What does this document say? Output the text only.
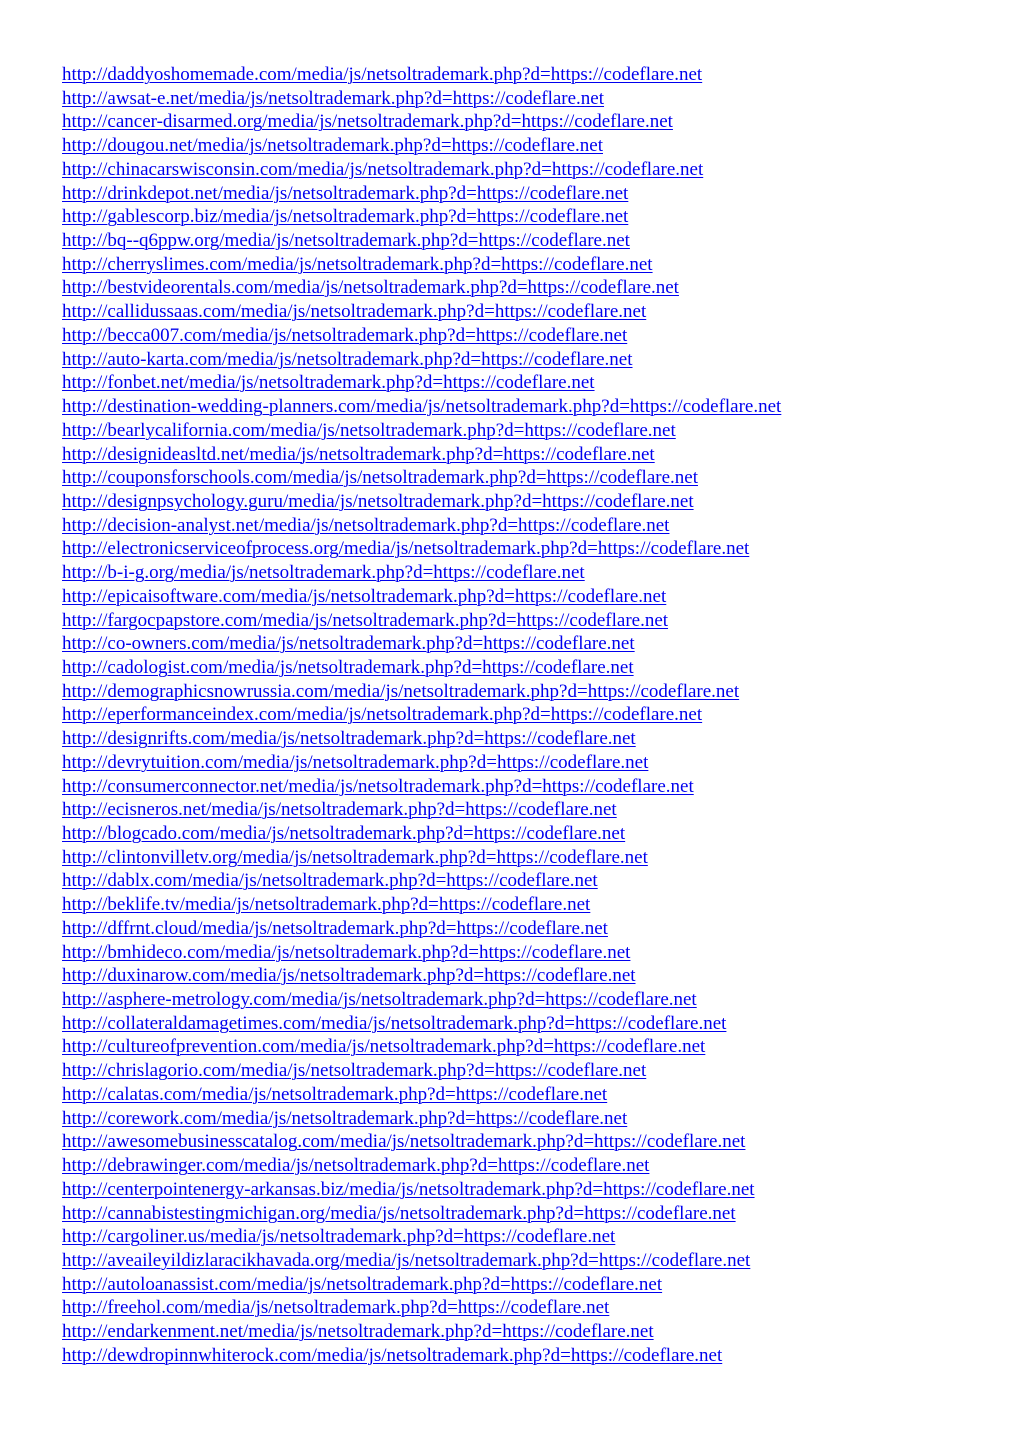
http://daddyoshomemade.com/media/js/netsoltrademark.php?d=https://codeflare.net
http://awsat-e.net/media/js/netsoltrademark.php?d=https://codeflare.net
http://cancer-disarmed.org/media/js/netsoltrademark.php?d=https://codeflare.net
http://dougou.net/media/js/netsoltrademark.php?d=https://codeflare.net
http://chinacarswisconsin.com/media/js/netsoltrademark.php?d=https://codeflare.net
http://drinkdepot.net/media/js/netsoltrademark.php?d=https://codeflare.net
http://gablescorp.biz/media/js/netsoltrademark.php?d=https://codeflare.net
http://bq--q6ppw.org/media/js/netsoltrademark.php?d=https://codeflare.net
http://cherryslimes.com/media/js/netsoltrademark.php?d=https://codeflare.net
http://bestvideorentals.com/media/js/netsoltrademark.php?d=https://codeflare.net
http://callidussaas.com/media/js/netsoltrademark.php?d=https://codeflare.net
http://becca007.com/media/js/netsoltrademark.php?d=https://codeflare.net
http://auto-karta.com/media/js/netsoltrademark.php?d=https://codeflare.net
http://fonbet.net/media/js/netsoltrademark.php?d=https://codeflare.net
http://destination-wedding-planners.com/media/js/netsoltrademark.php?d=https://codeflare.net
http://bearlycalifornia.com/media/js/netsoltrademark.php?d=https://codeflare.net
http://designideasltd.net/media/js/netsoltrademark.php?d=https://codeflare.net
http://couponsforschools.com/media/js/netsoltrademark.php?d=https://codeflare.net
http://designpsychology.guru/media/js/netsoltrademark.php?d=https://codeflare.net
http://decision-analyst.net/media/js/netsoltrademark.php?d=https://codeflare.net
http://electronicserviceofprocess.org/media/js/netsoltrademark.php?d=https://codeflare.net
http://b-i-g.org/media/js/netsoltrademark.php?d=https://codeflare.net
http://epicaisoftware.com/media/js/netsoltrademark.php?d=https://codeflare.net
http://fargocpapstore.com/media/js/netsoltrademark.php?d=https://codeflare.net
http://co-owners.com/media/js/netsoltrademark.php?d=https://codeflare.net
http://cadologist.com/media/js/netsoltrademark.php?d=https://codeflare.net
http://demographicsnowrussia.com/media/js/netsoltrademark.php?d=https://codeflare.net
http://eperformanceindex.com/media/js/netsoltrademark.php?d=https://codeflare.net
http://designrifts.com/media/js/netsoltrademark.php?d=https://codeflare.net
http://devrytuition.com/media/js/netsoltrademark.php?d=https://codeflare.net
http://consumerconnector.net/media/js/netsoltrademark.php?d=https://codeflare.net
http://ecisneros.net/media/js/netsoltrademark.php?d=https://codeflare.net
http://blogcado.com/media/js/netsoltrademark.php?d=https://codeflare.net
http://clintonvilletv.org/media/js/netsoltrademark.php?d=https://codeflare.net
http://dablx.com/media/js/netsoltrademark.php?d=https://codeflare.net
http://beklife.tv/media/js/netsoltrademark.php?d=https://codeflare.net
http://dffrnt.cloud/media/js/netsoltrademark.php?d=https://codeflare.net
http://bmhideco.com/media/js/netsoltrademark.php?d=https://codeflare.net
http://duxinarow.com/media/js/netsoltrademark.php?d=https://codeflare.net
http://asphere-metrology.com/media/js/netsoltrademark.php?d=https://codeflare.net
http://collateraldamagetimes.com/media/js/netsoltrademark.php?d=https://codeflare.net
http://cultureofprevention.com/media/js/netsoltrademark.php?d=https://codeflare.net
http://chrislagorio.com/media/js/netsoltrademark.php?d=https://codeflare.net
http://calatas.com/media/js/netsoltrademark.php?d=https://codeflare.net
http://corework.com/media/js/netsoltrademark.php?d=https://codeflare.net
http://awesomebusinesscatalog.com/media/js/netsoltrademark.php?d=https://codeflare.net
http://debrawinger.com/media/js/netsoltrademark.php?d=https://codeflare.net
http://centerpointenergy-arkansas.biz/media/js/netsoltrademark.php?d=https://codeflare.net
http://cannabistestingmichigan.org/media/js/netsoltrademark.php?d=https://codeflare.net
http://cargoliner.us/media/js/netsoltrademark.php?d=https://codeflare.net
http://aveaileyildizlaracikhavada.org/media/js/netsoltrademark.php?d=https://codeflare.net
http://autoloanassist.com/media/js/netsoltrademark.php?d=https://codeflare.net
http://freehol.com/media/js/netsoltrademark.php?d=https://codeflare.net
http://endarkenment.net/media/js/netsoltrademark.php?d=https://codeflare.net
http://dewdropinnwhiterock.com/media/js/netsoltrademark.php?d=https://codeflare.net
